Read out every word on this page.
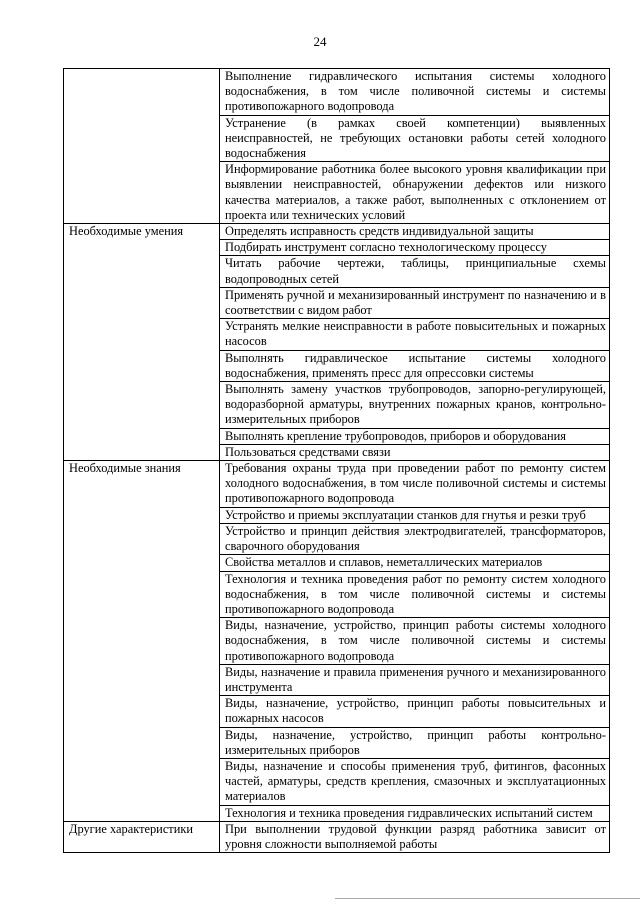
24
	Выполнение гидравлического испытания системы холодного водоснабжения, в том числе поливочной системы и системы противопожарного водопровода
	Устранение (в рамках своей компетенции) выявленных неисправностей, не требующих остановки работы сетей холодного водоснабжения
	Информирование работника более высокого уровня квалификации при выявлении неисправностей, обнаружении дефектов или низкого качества материалов, а также работ, выполненных с отклонением от проекта или технических условий
Необходимые умения	Определять исправность средств индивидуальной защиты
	Подбирать инструмент согласно технологическому процессу
	Читать рабочие чертежи, таблицы, принципиальные схемы водопроводных сетей
	Применять ручной и механизированный инструмент по назначению и в соответствии с видом работ
	Устранять мелкие неисправности в работе повысительных и пожарных насосов
	Выполнять гидравлическое испытание системы холодного водоснабжения, применять пресс для опрессовки системы
	Выполнять замену участков трубопроводов, запорно-регулирующей, водоразборной арматуры, внутренних пожарных кранов, контрольно-измерительных приборов
	Выполнять крепление трубопроводов, приборов и оборудования
	Пользоваться средствами связи
Необходимые знания	Требования охраны труда при проведении работ по ремонту систем холодного водоснабжения, в том числе поливочной системы и системы противопожарного водопровода
	Устройство и приемы эксплуатации станков для гнутья и резки труб
	Устройство и принцип действия электродвигателей, трансформаторов, сварочного оборудования
	Свойства металлов и сплавов, неметаллических материалов
	Технология и техника проведения работ по ремонту систем холодного водоснабжения, в том числе поливочной системы и системы противопожарного водопровода
	Виды, назначение, устройство, принцип работы системы холодного водоснабжения, в том числе поливочной системы и системы противопожарного водопровода
	Виды, назначение и правила применения ручного и механизированного инструмента
	Виды, назначение, устройство, принцип работы повысительных и пожарных насосов
	Виды, назначение, устройство, принцип работы контрольно-измерительных приборов
	Виды, назначение и способы применения труб, фитингов, фасонных частей, арматуры, средств крепления, смазочных и эксплуатационных материалов
	Технология и техника проведения гидравлических испытаний систем
Другие характеристики	При выполнении трудовой функции разряд работника зависит от уровня сложности выполняемой работы
